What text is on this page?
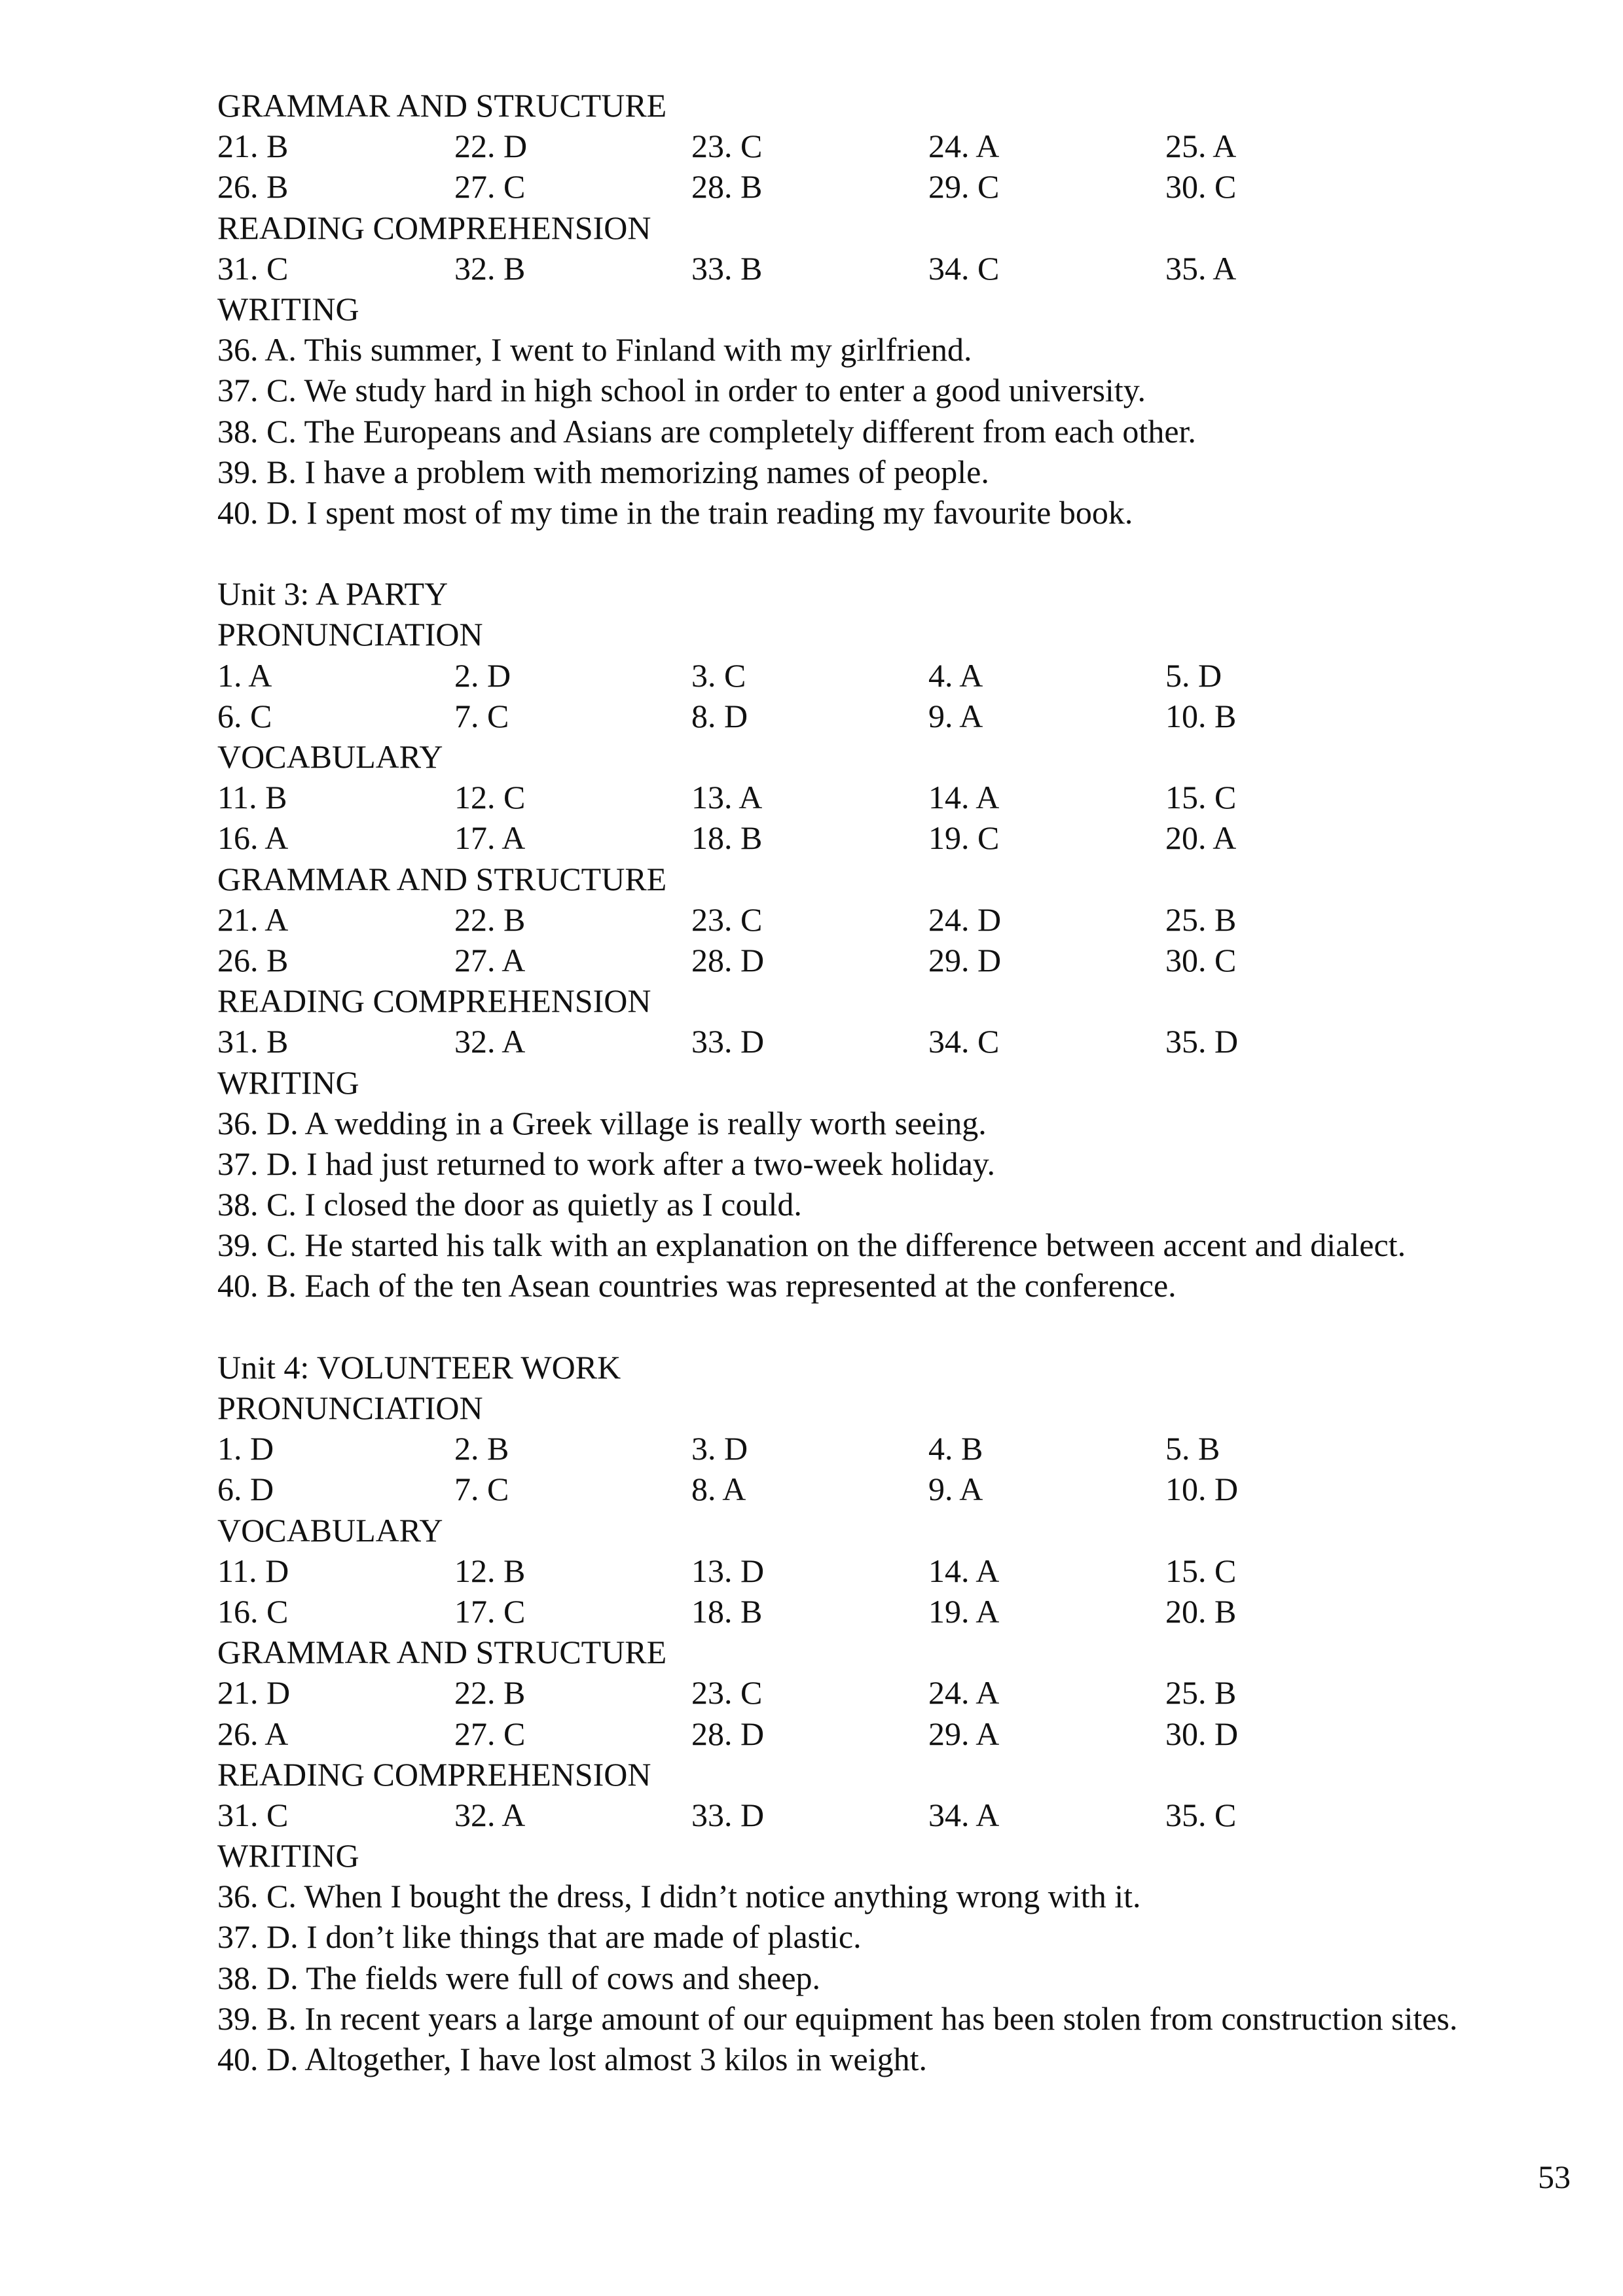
GRAMMAR AND STRUCTURE
21. B	22. D	23. C	24. A	25. A
26. B	27. C	28. B	29. C	30. C
READING COMPREHENSION
31. C	32. B	33. B	34. C	35. A
WRITING
36. A. This summer, I went to Finland with my girlfriend.
37. C. We study hard in high school in order to enter a good university.
38. C. The Europeans and Asians are completely different from each other.
39. B. I have a problem with memorizing names of people.
40. D. I spent most of my time in the train reading my favourite book.
Unit 3: A PARTY
PRONUNCIATION
1. A	2. D	3. C	4. A	5. D
6. C	7. C	8. D	9. A	10. B
VOCABULARY
11. B	12. C	13. A	14. A	15. C
16. A	17. A	18. B	19. C	20. A
GRAMMAR AND STRUCTURE
21. A	22. B	23. C	24. D	25. B
26. B	27. A	28. D	29. D	30. C
READING COMPREHENSION
31. B	32. A	33. D	34. C	35. D
WRITING
36. D. A wedding in a Greek village is really worth seeing.
37. D. I had just returned to work after a two-week holiday.
38. C. I closed the door as quietly as I could.
39. C. He started his talk with an explanation on the difference between accent and dialect.
40. B. Each of the ten Asean countries was represented at the conference.
Unit 4: VOLUNTEER WORK
PRONUNCIATION
1. D	2. B	3. D	4. B	5. B
6. D	7. C	8. A	9. A	10. D
VOCABULARY
11. D	12. B	13. D	14. A	15. C
16. C	17. C	18. B	19. A	20. B
GRAMMAR AND STRUCTURE
21. D	22. B	23. C	24. A	25. B
26. A	27. C	28. D	29. A	30. D
READING COMPREHENSION
31. C	32. A	33. D	34. A	35. C
WRITING
36. C. When I bought the dress, I didn’t notice anything wrong with it.
37. D. I don’t like things that are made of plastic.
38. D. The fields were full of cows and sheep.
39. B. In recent years a large amount of our equipment has been stolen from construction sites.
40. D. Altogether, I have lost almost 3 kilos in weight.
53
